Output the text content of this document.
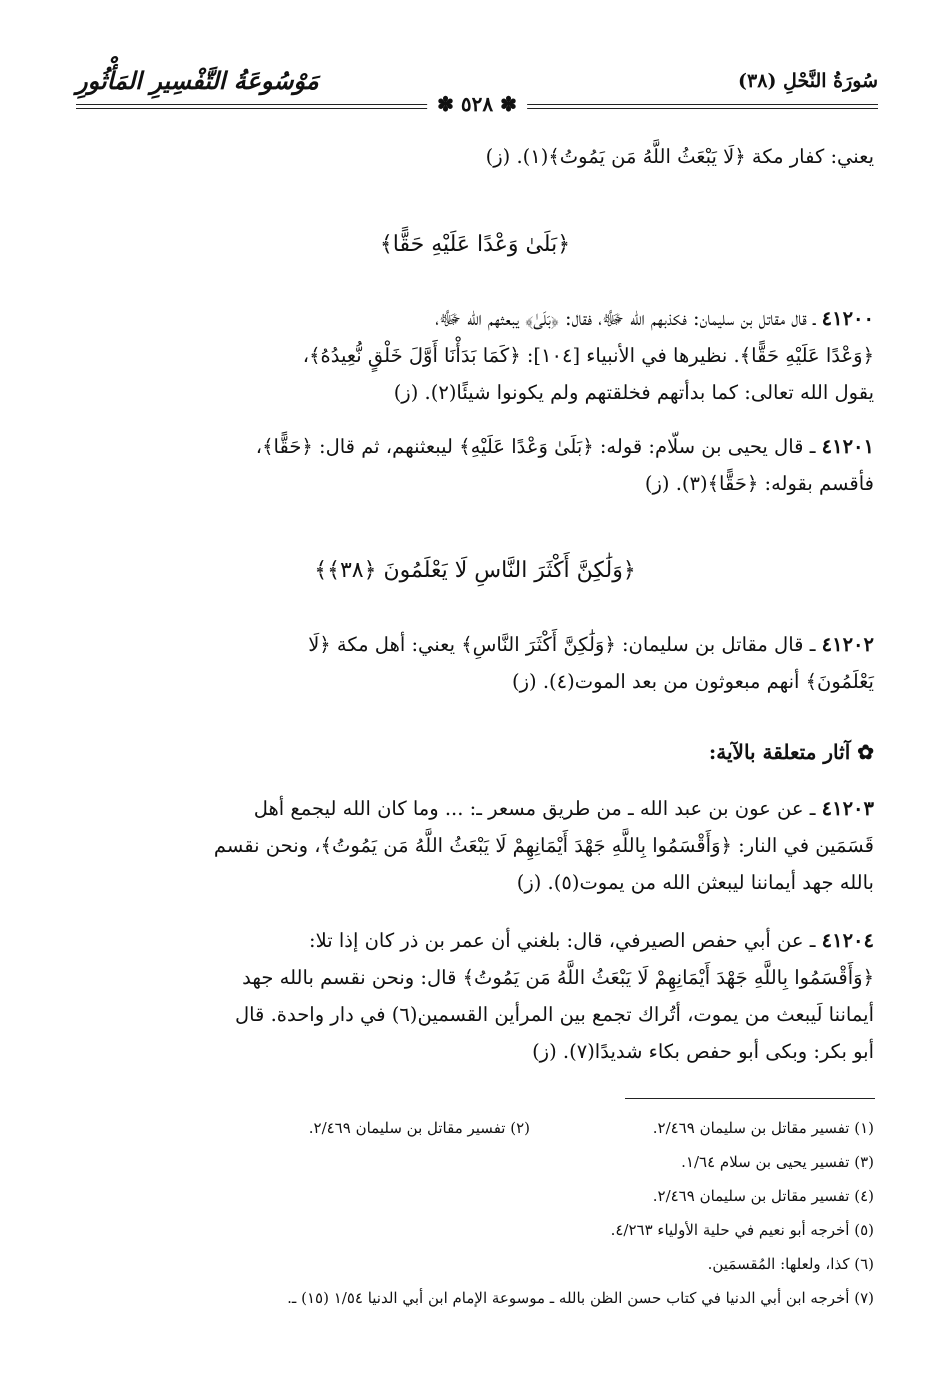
سُورَةُ النَّحْلِ (٣٨)
مَوْسُوعَةُ التَّفْسِيرِ المَأْثُورِ
✽ ٥٢٨ ✽
يعني: كفار مكة ﴿لَا يَبْعَثُ اللَّهُ مَن يَمُوتُ﴾(١). (ز)
﴿بَلَىٰ وَعْدًا عَلَيْهِ حَقًّا﴾
٤١٢٠٠ ـ قال مقاتل بن سليمان: فكذبهم الله ﷻ، فقال: ﴿بَلَىٰ﴾ يبعثهم الله ﷻ،
﴿وَعْدًا عَلَيْهِ حَقًّا﴾. نظيرها في الأنبياء [١٠٤]: ﴿كَمَا بَدَأْنَا أَوَّلَ خَلْقٍ نُّعِيدُهُ﴾،
يقول الله تعالى: كما بدأتهم فخلقتهم ولم يكونوا شيئًا(٢). (ز)
٤١٢٠١ ـ قال يحيى بن سلّام: قوله: ﴿بَلَىٰ وَعْدًا عَلَيْهِ﴾ ليبعثنهم، ثم قال: ﴿حَقًّا﴾،
فأقسم بقوله: ﴿حَقًّا﴾(٣). (ز)
﴿وَلَٰكِنَّ أَكْثَرَ النَّاسِ لَا يَعْلَمُونَ ﴿٣٨﴾﴾
٤١٢٠٢ ـ قال مقاتل بن سليمان: ﴿وَلَٰكِنَّ أَكْثَرَ النَّاسِ﴾ يعني: أهل مكة ﴿لَا
يَعْلَمُونَ﴾ أنهم مبعوثون من بعد الموت(٤). (ز)
✿ آثار متعلقة بالآية:
٤١٢٠٣ ـ عن عون بن عبد الله ـ من طريق مسعر ـ: ... وما كان الله ليجمع أهل
قَسَمَين في النار: ﴿وَأَقْسَمُوا بِاللَّهِ جَهْدَ أَيْمَانِهِمْ لَا يَبْعَثُ اللَّهُ مَن يَمُوتُ﴾، ونحن نقسم
بالله جهد أيماننا ليبعثن الله من يموت(٥). (ز)
٤١٢٠٤ ـ عن أبي حفص الصيرفي، قال: بلغني أن عمر بن ذر كان إذا تلا:
﴿وَأَقْسَمُوا بِاللَّهِ جَهْدَ أَيْمَانِهِمْ لَا يَبْعَثُ اللَّهُ مَن يَمُوتُ﴾ قال: ونحن نقسم بالله جهد
أيماننا لَيبعث من يموت، أتُراك تجمع بين المرأين القسمين(٦) في دار واحدة. قال
أبو بكر: وبكى أبو حفص بكاء شديدًا(٧). (ز)
(١) تفسير مقاتل بن سليمان ٢/٤٦٩.
(٢) تفسير مقاتل بن سليمان ٢/٤٦٩.
(٣) تفسير يحيى بن سلام ١/٦٤.
(٤) تفسير مقاتل بن سليمان ٢/٤٦٩.
(٥) أخرجه أبو نعيم في حلية الأولياء ٤/٢٦٣.
(٦) كذا، ولعلها: المُقسمَين.
(٧) أخرجه ابن أبي الدنيا في كتاب حسن الظن بالله ـ موسوعة الإمام ابن أبي الدنيا ١/٥٤ (١٥) ـ.
